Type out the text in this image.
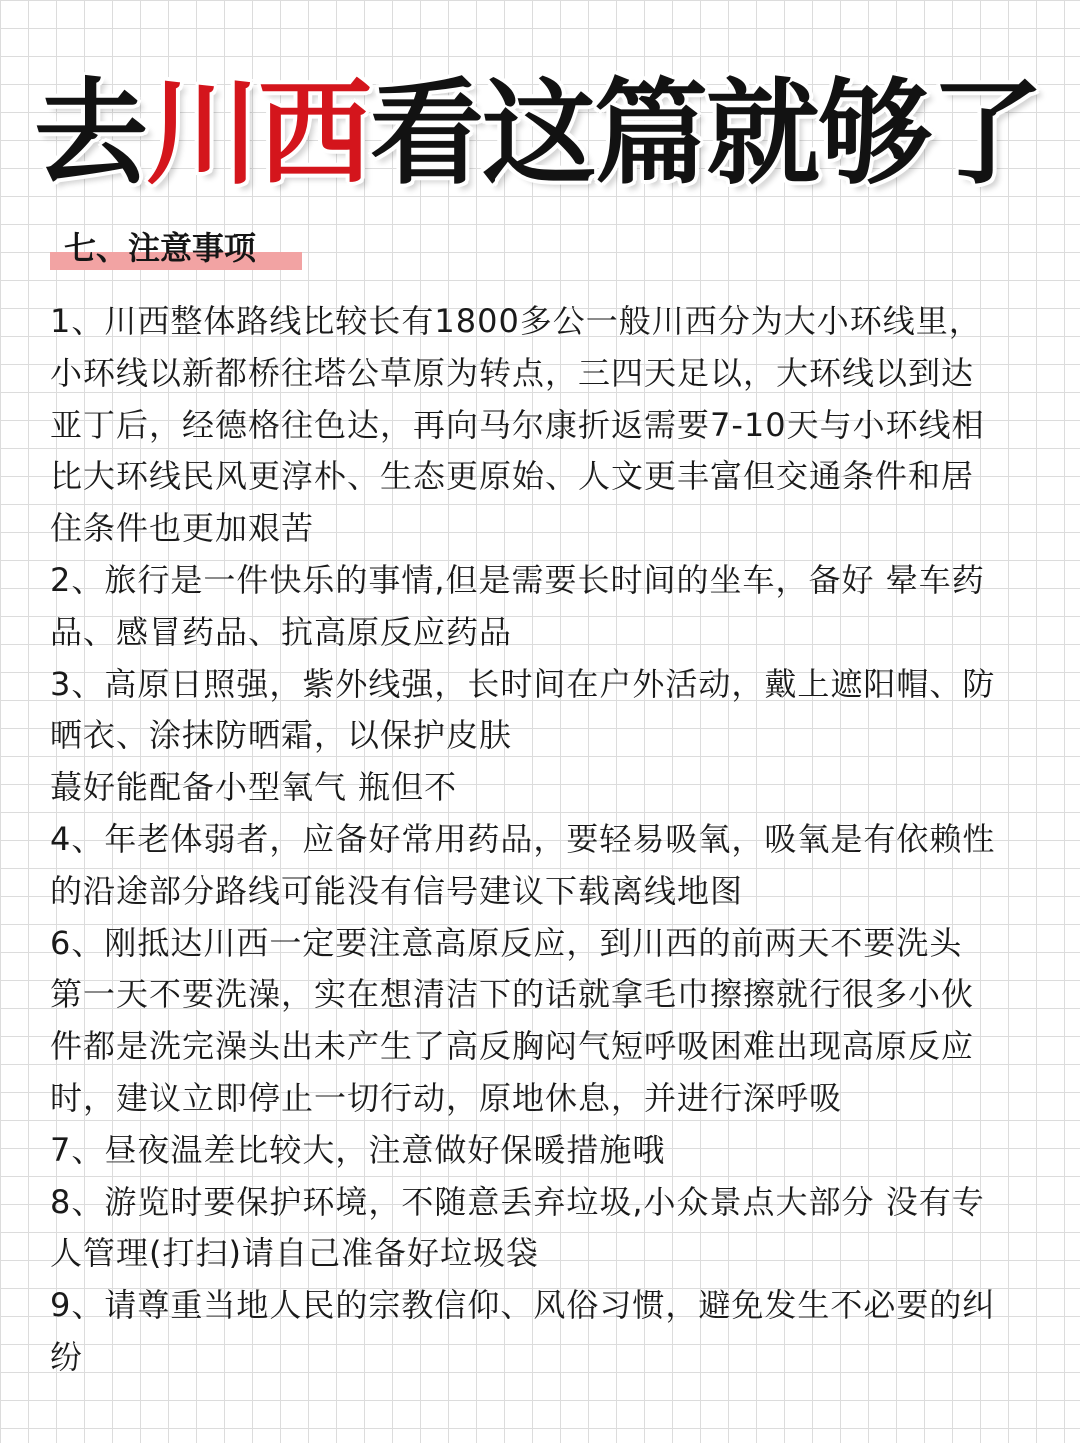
去川西看这篇就够了
七、注意事项
1、川西整体路线比较长有1800多公一般川西分为大小环线里，
小环线以新都桥往塔公草原为转点，三四天足以，大环线以到达
亚丁后，经德格往色达，再向马尔康折返需要7-10天与小环线相
比大环线民风更淳朴、生态更原始、人文更丰富但交通条件和居
住条件也更加艰苦
2、旅行是一件快乐的事情,但是需要长时间的坐车，备好 晕车药
品、感冒药品、抗高原反应药品
3、高原日照强，紫外线强，长时间在户外活动，戴上遮阳帽、防
晒衣、涂抹防晒霜，以保护皮肤
蕞好能配备小型氧气 瓶但不
4、年老体弱者，应备好常用药品，要轻易吸氧，吸氧是有依赖性
的沿途部分路线可能没有信号建议下载离线地图
6、刚抵达川西一定要注意高原反应，到川西的前两天不要洗头
第一天不要洗澡，实在想清洁下的话就拿毛巾擦擦就行很多小伙
件都是洗完澡头出未产生了高反胸闷气短呼吸困难出现高原反应
时，建议立即停止一切行动，原地休息，并进行深呼吸
7、昼夜温差比较大，注意做好保暖措施哦
8、游览时要保护环境，不随意丢弃垃圾,小众景点大部分 没有专
人管理(打扫)请自己准备好垃圾袋
9、请尊重当地人民的宗教信仰、风俗习惯，避免发生不必要的纠
纷
